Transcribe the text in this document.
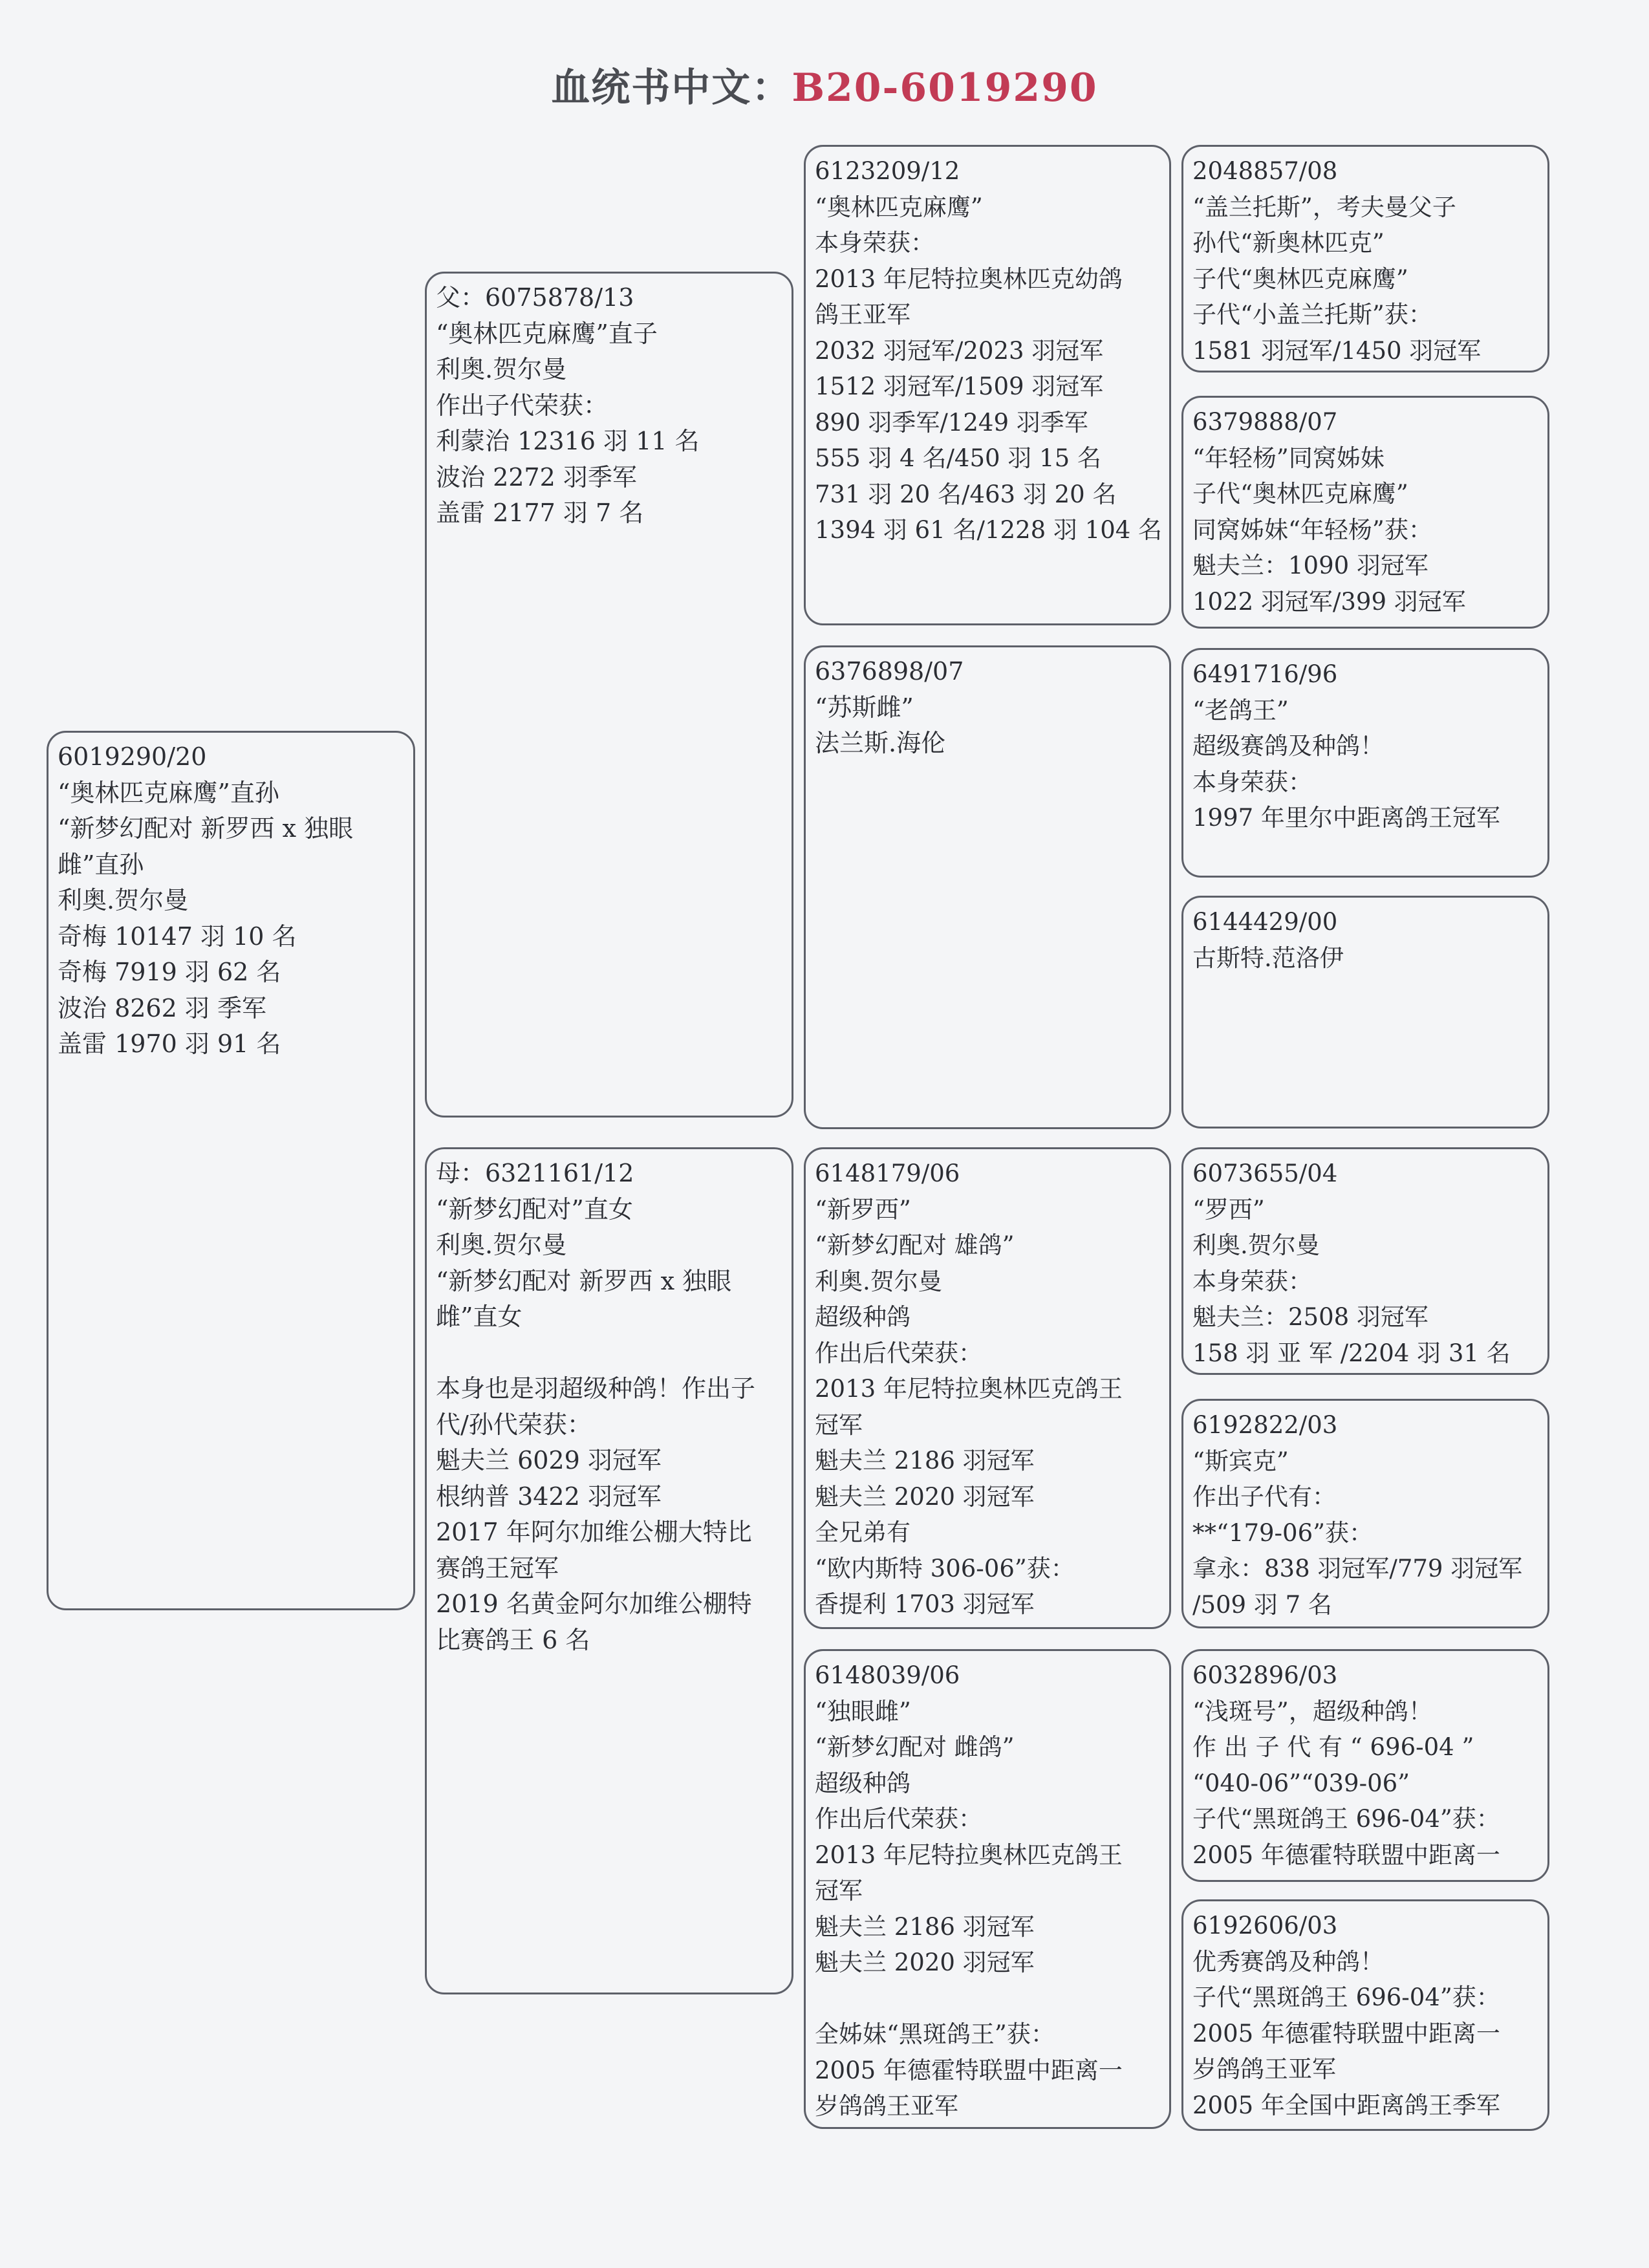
血统书中文：B20-6019290
6019290/20
“奥林匹克麻鹰”直孙
“新梦幻配对 新罗西 x 独眼
雌”直孙
利奥.贺尔曼
奇梅 10147 羽 10 名
奇梅 7919 羽 62 名
波治 8262 羽 季军
盖雷 1970 羽 91 名
父：6075878/13
“奥林匹克麻鹰”直子
利奥.贺尔曼
作出子代荣获：
利蒙治 12316 羽 11 名
波治 2272 羽季军
盖雷 2177 羽 7 名
母：6321161/12
“新梦幻配对”直女
利奥.贺尔曼
“新梦幻配对 新罗西 x 独眼
雌”直女

本身也是羽超级种鸽！作出子
代/孙代荣获：
魁夫兰 6029 羽冠军
根纳普 3422 羽冠军
2017 年阿尔加维公棚大特比
赛鸽王冠军
2019 名黄金阿尔加维公棚特
比赛鸽王 6 名
6123209/12
“奥林匹克麻鹰”
本身荣获：
2013 年尼特拉奥林匹克幼鸽
鸽王亚军
2032 羽冠军/2023 羽冠军
1512 羽冠军/1509 羽冠军
890 羽季军/1249 羽季军
555 羽 4 名/450 羽 15 名
731 羽 20 名/463 羽 20 名
1394 羽 61 名/1228 羽 104 名
6376898/07
“苏斯雌”
法兰斯.海伦
6148179/06
“新罗西”
“新梦幻配对 雄鸽”
利奥.贺尔曼
超级种鸽
作出后代荣获：
2013 年尼特拉奥林匹克鸽王
冠军
魁夫兰 2186 羽冠军
魁夫兰 2020 羽冠军
全兄弟有
“欧内斯特 306-06”获：
香提利 1703 羽冠军
6148039/06
“独眼雌”
“新梦幻配对 雌鸽”
超级种鸽
作出后代荣获：
2013 年尼特拉奥林匹克鸽王
冠军
魁夫兰 2186 羽冠军
魁夫兰 2020 羽冠军

全姊妹“黑斑鸽王”获：
2005 年德霍特联盟中距离一
岁鸽鸽王亚军
2048857/08
“盖兰托斯”，考夫曼父子
孙代“新奥林匹克”
子代“奥林匹克麻鹰”
子代“小盖兰托斯”获：
1581 羽冠军/1450 羽冠军
6379888/07
“年轻杨”同窝姊妹
子代“奥林匹克麻鹰”
同窝姊妹“年轻杨”获：
魁夫兰：1090 羽冠军
1022 羽冠军/399 羽冠军
6491716/96
“老鸽王”
超级赛鸽及种鸽！
本身荣获：
1997 年里尔中距离鸽王冠军
6144429/00
古斯特.范洛伊
6073655/04
“罗西”
利奥.贺尔曼
本身荣获：
魁夫兰：2508 羽冠军
158 羽 亚 军 /2204 羽 31 名
6192822/03
“斯宾克”
作出子代有：
**“179-06”获：
拿永：838 羽冠军/779 羽冠军
/509 羽 7 名
6032896/03
“浅斑号”，超级种鸽！
作 出 子 代 有 “ 696-04 ”
“040-06”“039-06”
子代“黑斑鸽王 696-04”获：
2005 年德霍特联盟中距离一
6192606/03
优秀赛鸽及种鸽！
子代“黑斑鸽王 696-04”获：
2005 年德霍特联盟中距离一
岁鸽鸽王亚军
2005 年全国中距离鸽王季军
